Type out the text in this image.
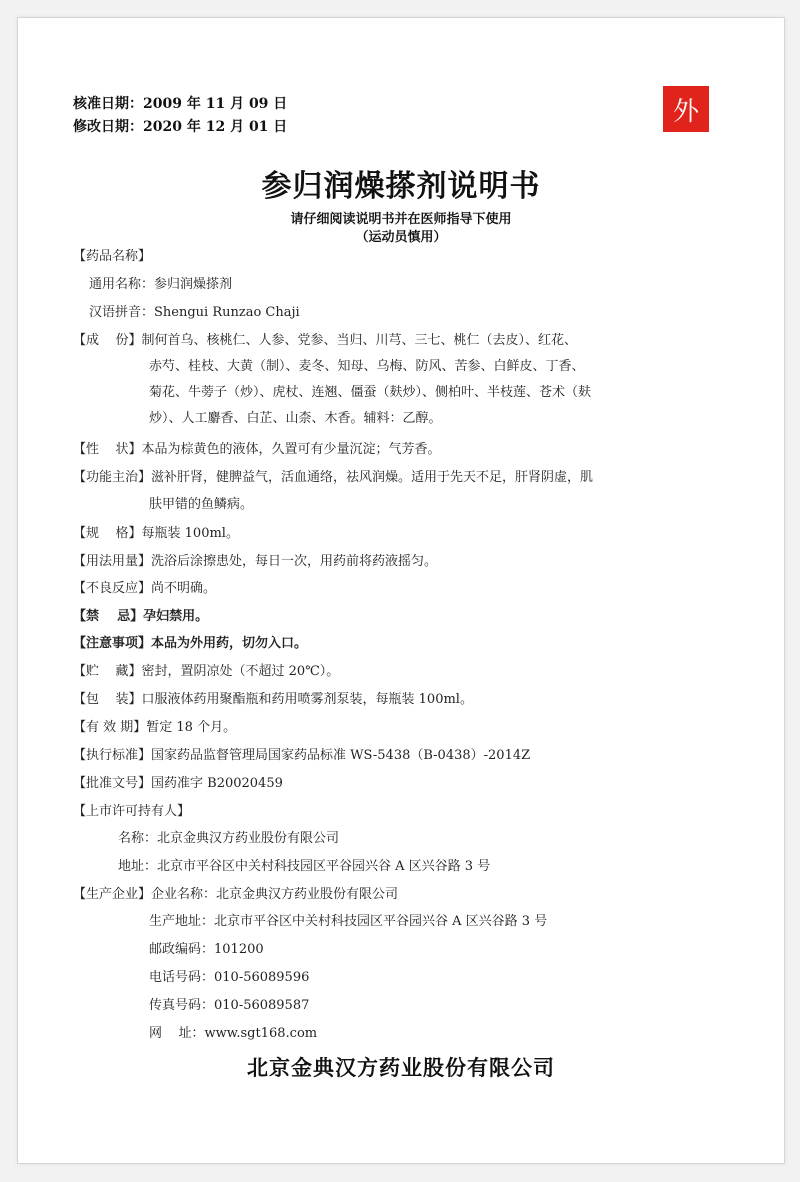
核准日期：2009 年 11 月 09 日
修改日期：2020 年 12 月 01 日
外
参归润燥搽剂说明书
请仔细阅读说明书并在医师指导下使用
（运动员慎用）
【药品名称】
通用名称：参归润燥搽剂
汉语拼音：Shengui Runzao Chaji
【成    份】制何首乌、核桃仁、人参、党参、当归、川芎、三七、桃仁（去皮）、红花、
赤芍、桂枝、大黄（制）、麦冬、知母、乌梅、防风、苦参、白鲜皮、丁香、
菊花、牛蒡子（炒）、虎杖、连翘、僵蚕（麸炒）、侧柏叶、半枝莲、苍术（麸
炒）、人工麝香、白芷、山柰、木香。辅料：乙醇。
【性    状】本品为棕黄色的液体，久置可有少量沉淀；气芳香。
【功能主治】滋补肝肾，健脾益气，活血通络，祛风润燥。适用于先天不足，肝肾阴虚，肌
肤甲错的鱼鳞病。
【规    格】每瓶装 100ml。
【用法用量】洗浴后涂擦患处，每日一次，用药前将药液摇匀。
【不良反应】尚不明确。
【禁    忌】孕妇禁用。
【注意事项】本品为外用药，切勿入口。
【贮    藏】密封，置阴凉处（不超过 20℃）。
【包    装】口服液体药用聚酯瓶和药用喷雾剂泵装，每瓶装 100ml。
【有 效 期】暂定 18 个月。
【执行标准】国家药品监督管理局国家药品标准 WS-5438（B-0438）-2014Z
【批准文号】国药准字 B20020459
【上市许可持有人】
名称：北京金典汉方药业股份有限公司
地址：北京市平谷区中关村科技园区平谷园兴谷 A 区兴谷路 3 号
【生产企业】企业名称：北京金典汉方药业股份有限公司
生产地址：北京市平谷区中关村科技园区平谷园兴谷 A 区兴谷路 3 号
邮政编码：101200
电话号码：010-56089596
传真号码：010-56089587
网    址：www.sgt168.com
北京金典汉方药业股份有限公司
